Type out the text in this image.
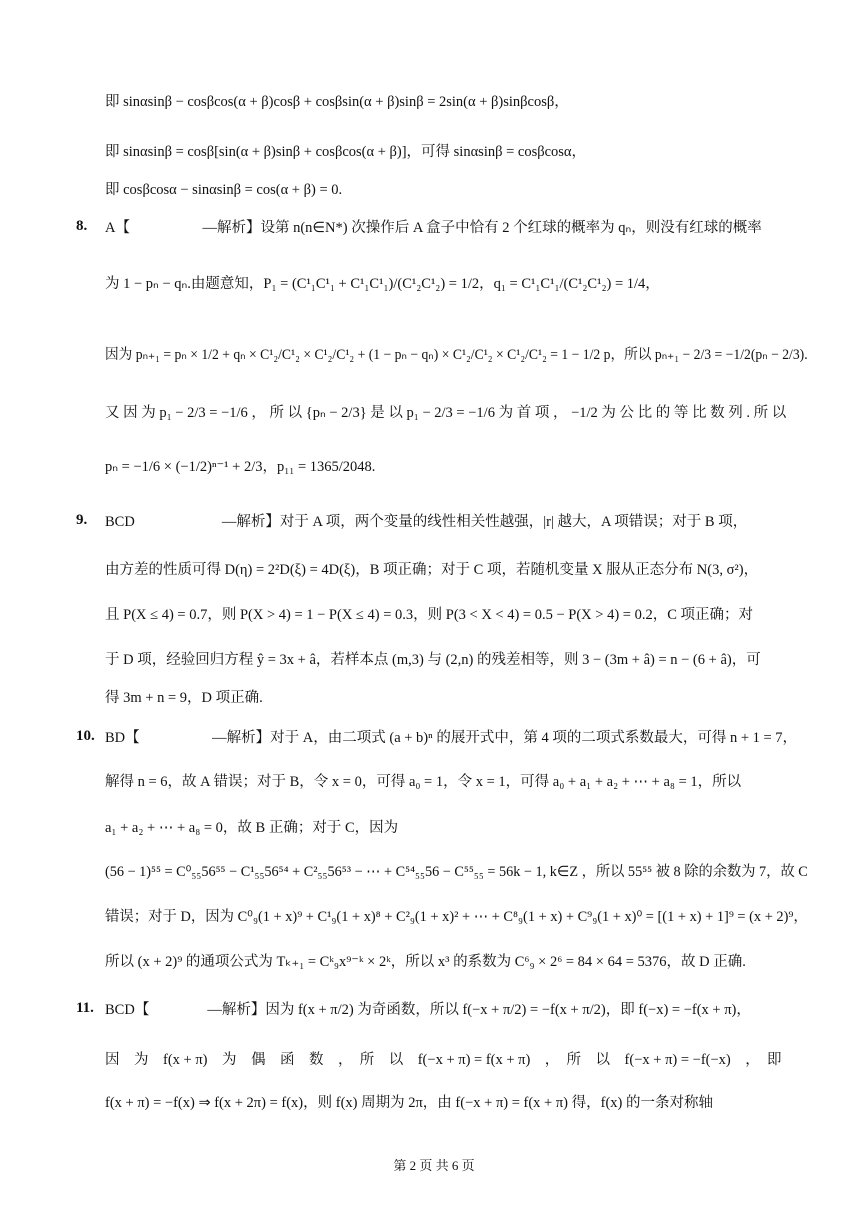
即 sinαsinβ − cosβcos(α + β)cosβ + cosβsin(α + β)sinβ = 2sin(α + β)sinβcosβ，
即 sinαsinβ = cosβ[sin(α + β)sinβ + cosβcos(α + β)]，可得 sinαsinβ = cosβcosα，
即 cosβcosα − sinαsinβ = cos(α + β) = 0.
A【　　　　　—解析】设第 n(n∈N*) 次操作后 A 盒子中恰有 2 个红球的概率为 qₙ，则没有红球的概率
为 1 − pₙ − qₙ.由题意知，P₁ = (C¹₁C¹₁ + C¹₁C¹₁)/(C¹₂C¹₂) = 1/2，q₁ = C¹₁C¹₁/(C¹₂C¹₂) = 1/4，
因为 pₙ₊₁ = pₙ × 1/2 + qₙ × C¹₂/C¹₂ × C¹₂/C¹₂ + (1 − pₙ − qₙ) × C¹₂/C¹₂ × C¹₂/C¹₂ = 1 − 1/2 p，所以 pₙ₊₁ − 2/3 = −1/2(pₙ − 2/3).
又 因 为 p₁ − 2/3 = −1/6 ， 所 以 {pₙ − 2/3} 是 以 p₁ − 2/3 = −1/6 为 首 项 ， −1/2 为 公 比 的 等 比 数 列 . 所 以
pₙ = −1/6 × (−1/2)ⁿ⁻¹ + 2/3，p₁₁ = 1365/2048.
BCD　　　　　　—解析】对于 A 项，两个变量的线性相关性越强，|r| 越大，A 项错误；对于 B 项，
由方差的性质可得 D(η) = 2²D(ξ) = 4D(ξ)，B 项正确；对于 C 项，若随机变量 X 服从正态分布 N(3, σ²)，
且 P(X ≤ 4) = 0.7，则 P(X > 4) = 1 − P(X ≤ 4) = 0.3，则 P(3 < X < 4) = 0.5 − P(X > 4) = 0.2，C 项正确；对
于 D 项，经验回归方程 ŷ = 3x + â，若样本点 (m,3) 与 (2,n) 的残差相等，则 3 − (3m + â) = n − (6 + â)，可
得 3m + n = 9，D 项正确.
BD【　　　　　—解析】对于 A，由二项式 (a + b)ⁿ 的展开式中，第 4 项的二项式系数最大，可得 n + 1 = 7，
解得 n = 6，故 A 错误；对于 B，令 x = 0，可得 a₀ = 1，令 x = 1，可得 a₀ + a₁ + a₂ + ⋯ + a₈ = 1，所以
a₁ + a₂ + ⋯ + a₈ = 0，故 B 正确；对于 C，因为
(56 − 1)⁵⁵ = C⁰₅₅56⁵⁵ − C¹₅₅56⁵⁴ + C²₅₅56⁵³ − ⋯ + C⁵⁴₅₅56 − C⁵⁵₅₅ = 56k − 1, k∈Z ，所以 55⁵⁵ 被 8 除的余数为 7，故 C
错误；对于 D，因为 C⁰₉(1 + x)⁹ + C¹₉(1 + x)⁸ + C²₉(1 + x)² + ⋯ + C⁸₉(1 + x) + C⁹₉(1 + x)⁰ = [(1 + x) + 1]⁹ = (x + 2)⁹，
所以 (x + 2)⁹ 的通项公式为 Tₖ₊₁ = Cᵏ₉x⁹⁻ᵏ × 2ᵏ，所以 x³ 的系数为 C⁶₉ × 2⁶ = 84 × 64 = 5376，故 D 正确.
BCD【　　　　—解析】因为 f(x + π/2) 为奇函数，所以 f(−x + π/2) = −f(x + π/2)，即 f(−x) = −f(x + π)，
因　为　f(x + π)　为　偶　函　数　，　所　以　f(−x + π) = f(x + π)　，　所　以　f(−x + π) = −f(−x)　，　即
f(x + π) = −f(x) ⇒ f(x + 2π) = f(x)，则 f(x) 周期为 2π，由 f(−x + π) = f(x + π) 得，f(x) 的一条对称轴
8.
9.
10.
11.
第 2 页 共 6 页
